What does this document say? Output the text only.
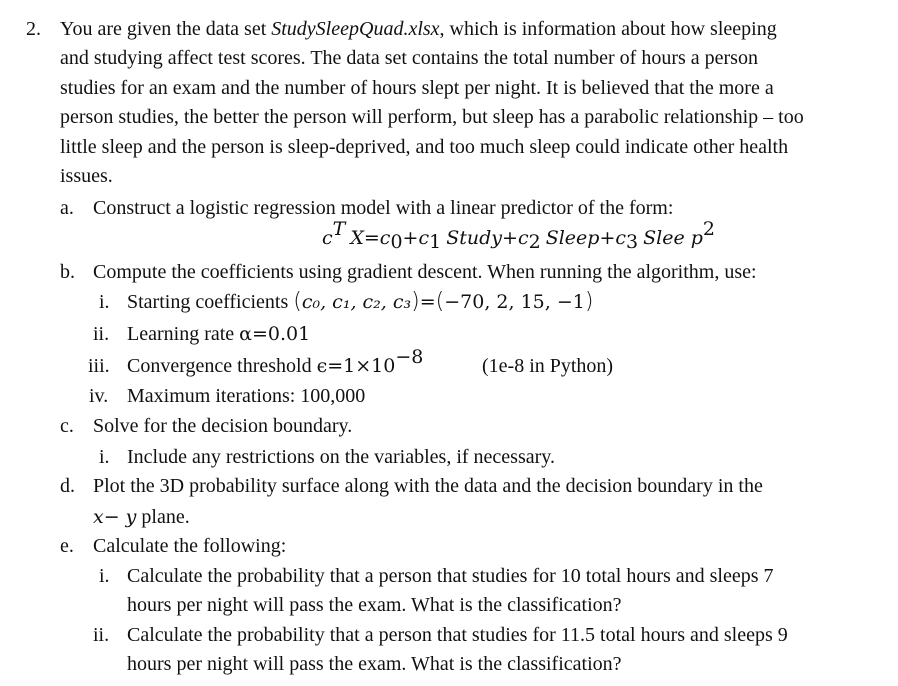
2. You are given the data set StudySleepQuad.xlsx, which is information about how sleeping
and studying affect test scores. The data set contains the total number of hours a person
studies for an exam and the number of hours slept per night. It is believed that the more a
person studies, the better the person will perform, but sleep has a parabolic relationship – too
little sleep and the person is sleep-deprived, and too much sleep could indicate other health
issues.
a. Construct a logistic regression model with a linear predictor of the form:
$c^T$ $X=c_0+c_1$ $Study+c_2$ $Sleep+c_3$ Slee $p^2$
b. Compute the coefficients using gradient descent. When running the algorithm, use:
i. Starting coefficients (c₀, c₁, c₂, c₃)=(−70, 2, 15, −1)
ii. Learning rate α=0.01
iii. Convergence threshold $\epsilon=1\times 10^{-8}$	(1e-8 in Python)
iv. Maximum iterations: 100,000
c. Solve for the decision boundary.
i. Include any restrictions on the variables, if necessary.
d. Plot the 3D probability surface along with the data and the decision boundary in the
x− y plane.
e. Calculate the following:
i. Calculate the probability that a person that studies for 10 total hours and sleeps 7
hours per night will pass the exam. What is the classification?
ii. Calculate the probability that a person that studies for 11.5 total hours and sleeps 9
hours per night will pass the exam. What is the classification?
